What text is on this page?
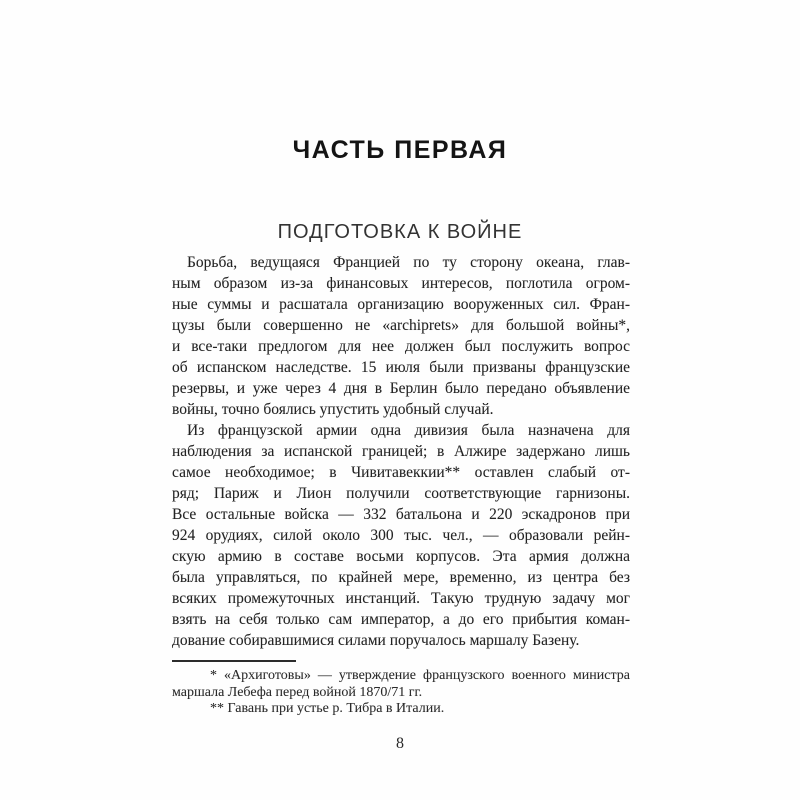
ЧАСТЬ ПЕРВАЯ
ПОДГОТОВКА К ВОЙНЕ
Борьба, ведущаяся Францией по ту сторону океана, глав-
ным образом из-за финансовых интересов, поглотила огром-
ные суммы и расшатала организацию вооруженных сил. Фран-
цузы были совершенно не «archiprets» для большой войны*,
и все-таки предлогом для нее должен был послужить вопрос
об испанском наследстве. 15 июля были призваны французские
резервы, и уже через 4 дня в Берлин было передано объявление
войны, точно боялись упустить удобный случай.
Из французской армии одна дивизия была назначена для
наблюдения за испанской границей; в Алжире задержано лишь
самое необходимое; в Чивитавеккии** оставлен слабый от-
ряд; Париж и Лион получили соответствующие гарнизоны.
Все остальные войска — 332 батальона и 220 эскадронов при
924 орудиях, силой около 300 тыс. чел., — образовали рейн-
скую армию в составе восьми корпусов. Эта армия должна
была управляться, по крайней мере, временно, из центра без
всяких промежуточных инстанций. Такую трудную задачу мог
взять на себя только сам император, а до его прибытия коман-
дование собиравшимися силами поручалось маршалу Базену.
* «Архиготовы» — утверждение французского военного министра
маршала Лебефа перед войной 1870/71 гг.
** Гавань при устье р. Тибра в Италии.
8
